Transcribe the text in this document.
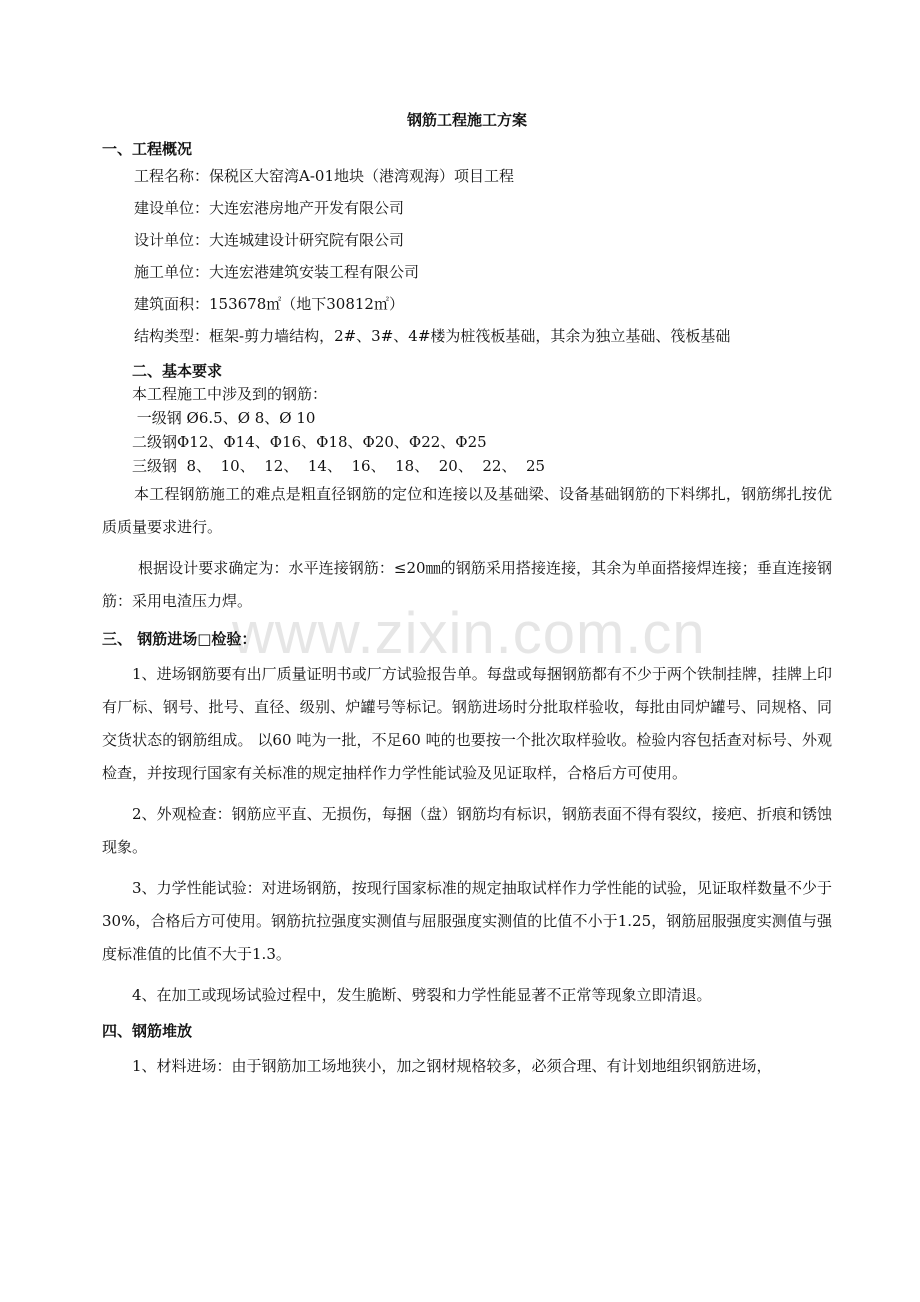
www.zixin.com.cn
钢筋工程施工方案
一、工程概况
工程名称：保税区大窑湾A-01地块（港湾观海）项目工程
建设单位：大连宏港房地产开发有限公司
设计单位：大连城建设计研究院有限公司
施工单位：大连宏港建筑安装工程有限公司
建筑面积：153678㎡（地下30812㎡）
结构类型：框架-剪力墙结构，2#、3#、4#楼为桩筏板基础，其余为独立基础、筏板基础
二、基本要求
本工程施工中涉及到的钢筋：
一级钢 Ø6.5、Ø 8、Ø 10
二级钢Φ12、Φ14、Φ16、Φ18、Φ20、Φ22、Φ25
三级钢  8、  10、  12、  14、  16、  18、  20、  22、  25

本工程钢筋施工的难点是粗直径钢筋的定位和连接以及基础梁、设备基础钢筋的下料绑扎，钢筋绑扎按优质质量要求进行。

根据设计要求确定为：水平连接钢筋：≤20㎜的钢筋采用搭接连接，其余为单面搭接焊连接；垂直连接钢筋：采用电渣压力焊。

三、 钢筋进场□检验：

1、进场钢筋要有出厂质量证明书或厂方试验报告单。每盘或每捆钢筋都有不少于两个铁制挂牌，挂牌上印有厂标、钢号、批号、直径、级别、炉罐号等标记。钢筋进场时分批取样验收，每批由同炉罐号、同规格、同交货状态的钢筋组成。 以60 吨为一批，不足60 吨的也要按一个批次取样验收。检验内容包括查对标号、外观检查，并按现行国家有关标准的规定抽样作力学性能试验及见证取样，合格后方可使用。

2、外观检查：钢筋应平直、无损伤，每捆（盘）钢筋均有标识，钢筋表面不得有裂纹，接疤、折痕和锈蚀现象。

3、力学性能试验：对进场钢筋，按现行国家标准的规定抽取试样作力学性能的试验，见证取样数量不少于30%，合格后方可使用。钢筋抗拉强度实测值与屈服强度实测值的比值不小于1.25，钢筋屈服强度实测值与强度标准值的比值不大于1.3。

4、在加工或现场试验过程中，发生脆断、劈裂和力学性能显著不正常等现象立即清退。

四、钢筋堆放

1、材料进场：由于钢筋加工场地狭小，加之钢材规格较多，必须合理、有计划地组织钢筋进场，
